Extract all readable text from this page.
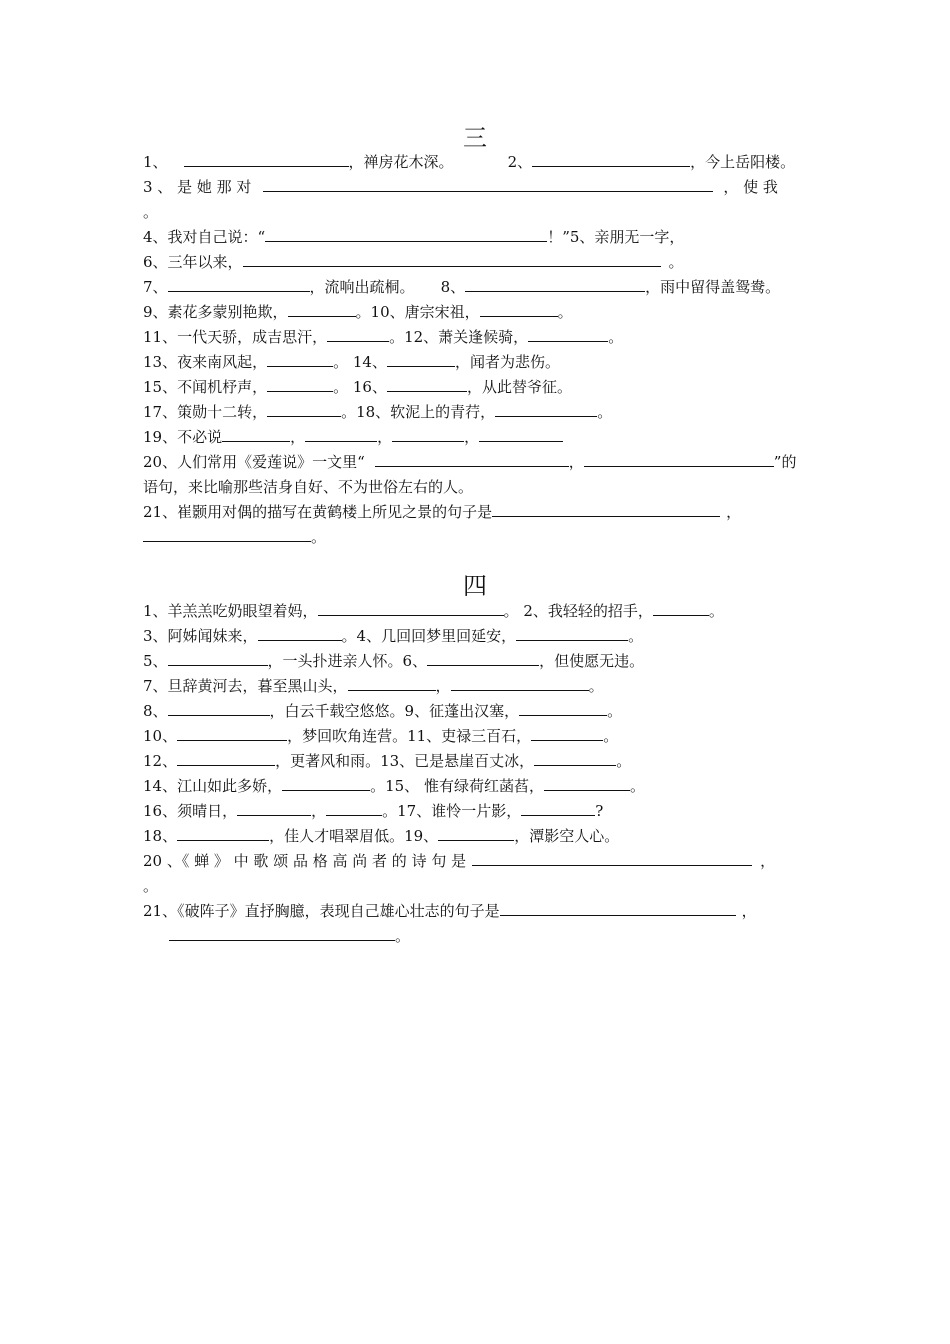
三
1、	，禅房花木深。	2、	，今上岳阳楼。
3 、 是 她 那 对	， 使 我
。
4、我对自己说：“	！”5、亲朋无一字，
6、三年以来，	。
7、	，流响出疏桐。 8、	，雨中留得盖鸳鸯。
9、素花多蒙别艳欺，	。10、唐宗宋祖，	。
11、一代天骄，成吉思汗，	。12、萧关逢候骑，	。
13、夜来南风起，	。 14、	，闻者为悲伤。
15、不闻机杼声，	。 16、	，从此替爷征。
17、策勋十二转，	。18、软泥上的青荇，	。
19、不必说	，	，	，
20、人们常用《爱莲说》一文里“	，	”的
语句，来比喻那些洁身自好、不为世俗左右的人。
21、崔颢用对偶的描写在黄鹤楼上所见之景的句子是	，
。
四
1、羊羔羔吃奶眼望着妈，	。 2、我轻轻的招手，	。
3、阿姊闻妹来，	。4、几回回梦里回延安，	。
5、	，一头扑进亲人怀。6、	，但使愿无违。
7、旦辞黄河去，暮至黑山头，	，	。
8、	，白云千载空悠悠。9、征蓬出汉塞，	。
10、	，梦回吹角连营。11、吏禄三百石，	。
12、	，更著风和雨。13、已是悬崖百丈冰，	。
14、江山如此多娇，	。15、 惟有绿荷红菡萏，	。
16、须晴日，	，	。17、谁怜一片影，	?
18、	，佳人才唱翠眉低。19、	，潭影空人心。
20 、《 蝉 》 中 歌 颂 品 格 高 尚 者 的 诗 句 是	，
。
21、《破阵子》直抒胸臆，表现自己雄心壮志的句子是	，
。
